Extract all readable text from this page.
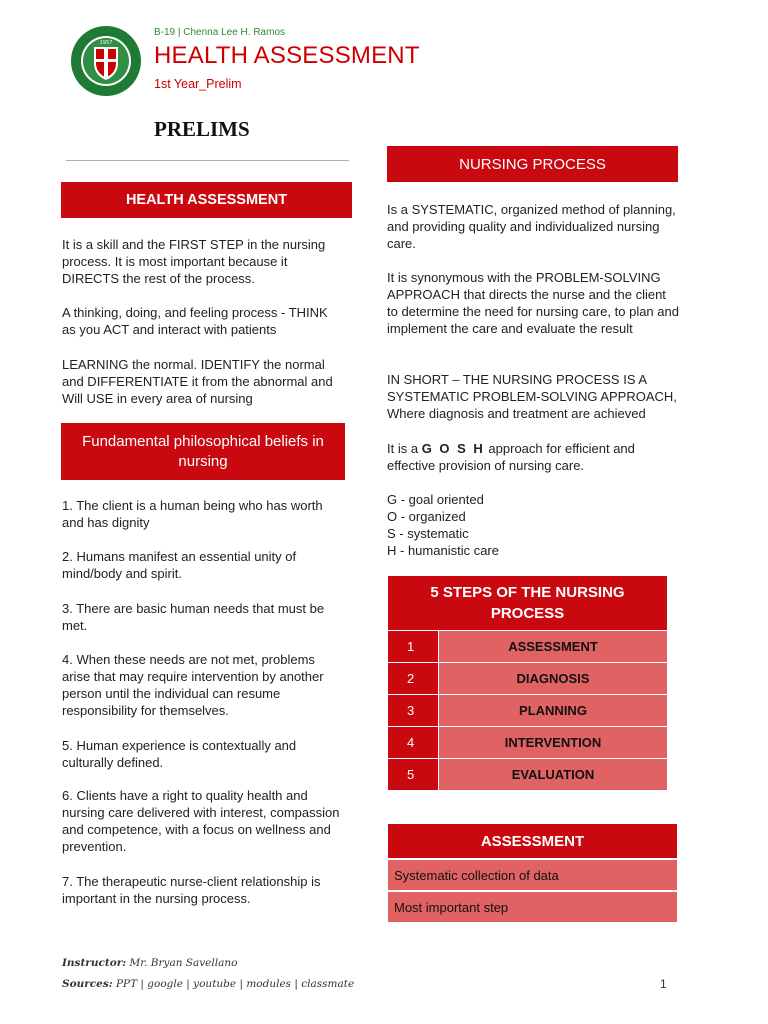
1957
B-19 | Chenna Lee H. Ramos
HEALTH ASSESSMENT
1st Year_Prelim
PRELIMS
HEALTH ASSESSMENT
It is a skill and the FIRST STEP in the nursing process. It is most important because it DIRECTS the rest of the process.
A thinking, doing, and feeling process - THINK as you ACT and interact with patients
LEARNING the normal. IDENTIFY the normal and DIFFERENTIATE it from the abnormal and Will USE in every area of nursing
Fundamental philosophical beliefs in nursing
1. The client is a human being who has worth and has dignity
2. Humans manifest an essential unity of mind/body and spirit.
3. There are basic human needs that must be met.
4. When these needs are not met, problems arise that may require intervention by another person until the individual can resume responsibility for themselves.
5. Human experience is contextually and culturally defined.
6. Clients have a right to quality health and nursing care delivered with interest, compassion and competence, with a focus on wellness and prevention.
7. The therapeutic nurse-client relationship is important in the nursing process.
NURSING PROCESS
Is a SYSTEMATIC, organized method of planning, and providing quality and individualized nursing care.
It is synonymous with the PROBLEM-SOLVING APPROACH that directs the nurse and the client to determine the need for nursing care, to plan and implement the care and evaluate the result
IN SHORT – THE NURSING PROCESS IS A SYSTEMATIC PROBLEM-SOLVING APPROACH, Where diagnosis and treatment are achieved
It is a G O S H approach for efficient and effective provision of nursing care.
G - goal oriented
O - organized
S - systematic
H - humanistic care
5 STEPS OF THE NURSING PROCESS
1	ASSESSMENT
2	DIAGNOSIS
3	PLANNING
4	INTERVENTION
5	EVALUATION
ASSESSMENT
Systematic collection of data
Most important step
Instructor: Mr. Bryan Savellano
Sources: PPT | google | youtube | modules | classmate	1
